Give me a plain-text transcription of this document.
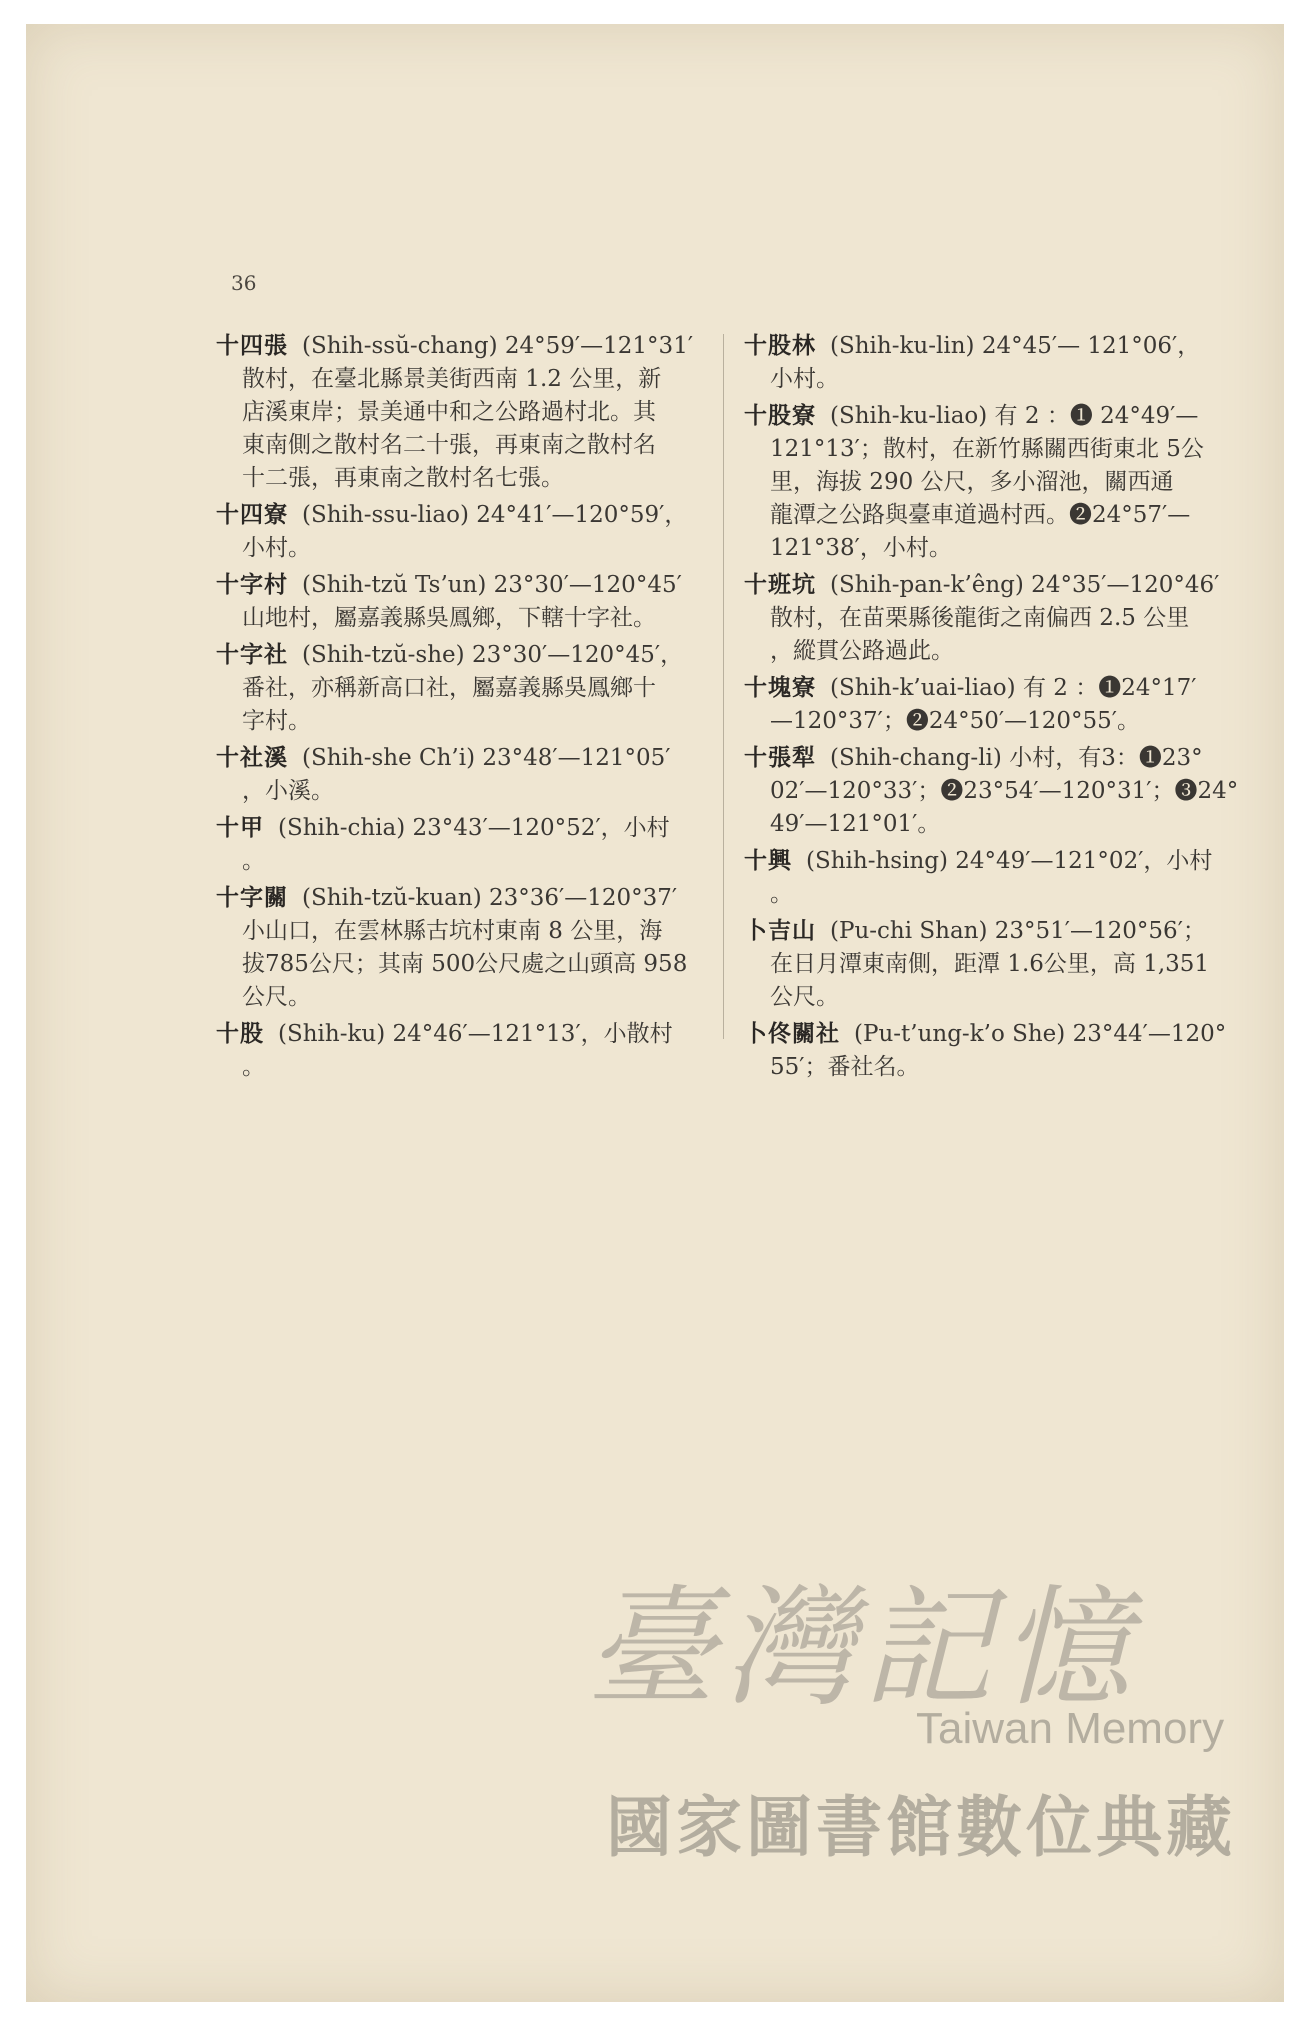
36
十四張 (Shih-ssŭ-chang) 24°59′—121°31′
散村，在臺北縣景美街西南 1.2 公里，新
店溪東岸；景美通中和之公路過村北。其
東南側之散村名二十張，再東南之散村名
十二張，再東南之散村名七張。
十四寮 (Shih-ssu-liao) 24°41′—120°59′，
小村。
十字村 (Shih-tzŭ Ts’un) 23°30′—120°45′
山地村，屬嘉義縣吳鳳鄉，下轄十字社。
十字社 (Shih-tzŭ-she) 23°30′—120°45′，
番社，亦稱新高口社，屬嘉義縣吳鳳鄉十
字村。
十社溪 (Shih-she Ch’i) 23°48′—121°05′
，小溪。
十甲 (Shih-chia) 23°43′—120°52′，小村
。
十字關 (Shih-tzŭ-kuan) 23°36′—120°37′
小山口，在雲林縣古坑村東南 8 公里，海
拔785公尺；其南 500公尺處之山頭高 958
公尺。
十股 (Shih-ku) 24°46′—121°13′，小散村
。
十股林 (Shih-ku-lin) 24°45′— 121°06′，
小村。
十股寮 (Shih-ku-liao) 有 2 ：❶ 24°49′—
121°13′；散村，在新竹縣關西街東北 5公
里，海拔 290 公尺，多小溜池，關西通
龍潭之公路與臺車道過村西。❷24°57′—
121°38′，小村。
十班坑 (Shih-pan-k’êng) 24°35′—120°46′
散村，在苗栗縣後龍街之南偏西 2.5 公里
，縱貫公路過此。
十塊寮 (Shih-k’uai-liao) 有 2 ：❶24°17′
—120°37′；❷24°50′—120°55′。
十張犁 (Shih-chang-li) 小村，有3：❶23°
02′—120°33′；❷23°54′—120°31′；❸24°
49′—121°01′。
十興 (Shih-hsing) 24°49′—121°02′，小村
。
卜吉山 (Pu-chi Shan) 23°51′—120°56′；
在日月潭東南側，距潭 1.6公里，高 1,351
公尺。
卜佟關社 (Pu-t’ung-k’o She) 23°44′—120°
55′；番社名。
臺灣記憶
Taiwan Memory
國家圖書館數位典藏
